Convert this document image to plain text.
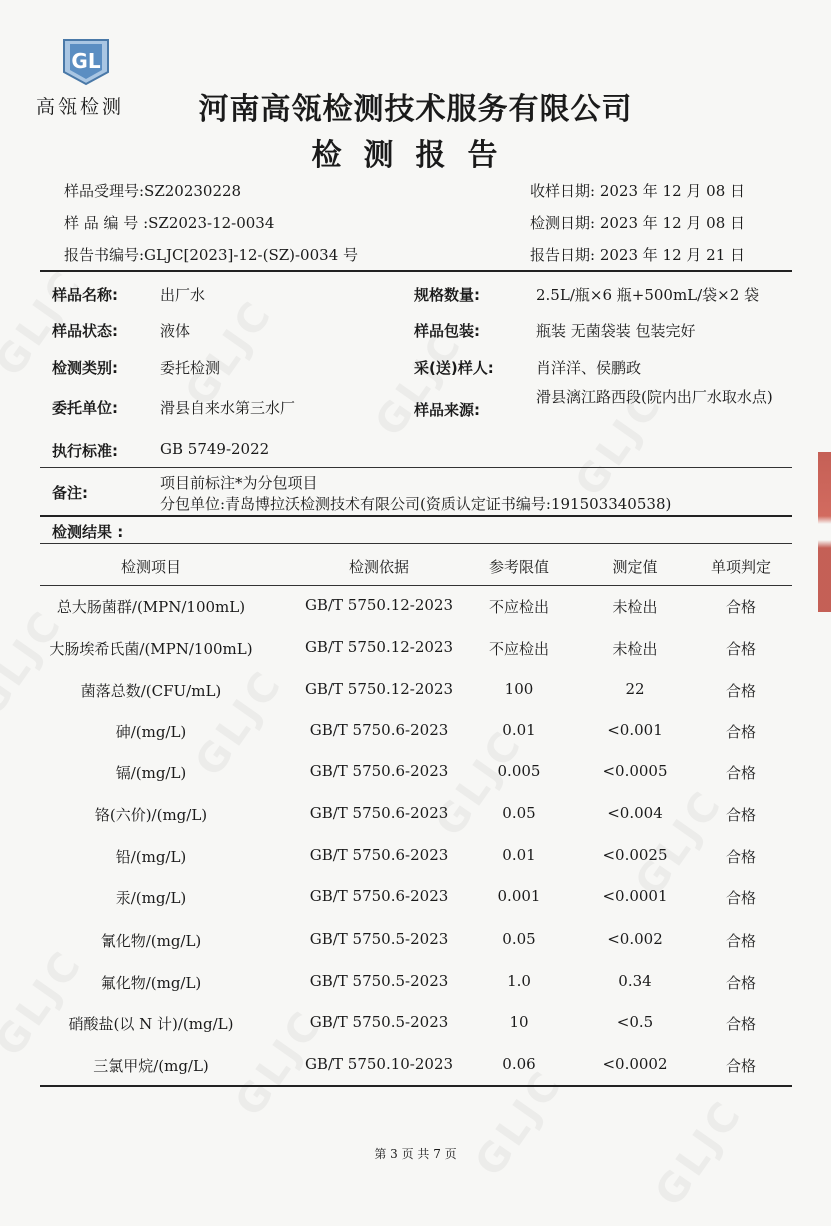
GL
高瓴检测	河南高瓴检测技术服务有限公司
检测报告
样品受理号:SZ20230228
样 品 编 号 :SZ2023-12-0034
报告书编号:GLJC[2023]-12-(SZ)-0034 号
收样日期: 2023 年 12 月 08 日
检测日期: 2023 年 12 月 08 日
报告日期: 2023 年 12 月 21 日
样品名称:	出厂水	规格数量:	2.5L/瓶×6 瓶+500mL/袋×2 袋
样品状态:	液体	样品包装:	瓶装 无菌袋装 包装完好
检测类别:	委托检测	采(送)样人:	肖洋洋、侯鹏政
委托单位:	滑县自来水第三水厂	样品来源:
滑县漓江路西段(院内出厂水取水点)
执行标准:	GB 5749-2022
备注:
项目前标注*为分包项目
分包单位:青岛博拉沃检测技术有限公司(资质认定证书编号:191503340538)
检测结果 :
检测项目	检测依据	参考限值	测定值	单项判定
总大肠菌群/(MPN/100mL)	GB/T 5750.12-2023	不应检出	未检出	合格
大肠埃希氏菌/(MPN/100mL)	GB/T 5750.12-2023	不应检出	未检出	合格
菌落总数/(CFU/mL)	GB/T 5750.12-2023	100	22	合格
砷/(mg/L)	GB/T 5750.6-2023	0.01	<0.001	合格
镉/(mg/L)	GB/T 5750.6-2023	0.005	<0.0005	合格
铬(六价)/(mg/L)	GB/T 5750.6-2023	0.05	<0.004	合格
铅/(mg/L)	GB/T 5750.6-2023	0.01	<0.0025	合格
汞/(mg/L)	GB/T 5750.6-2023	0.001	<0.0001	合格
氰化物/(mg/L)	GB/T 5750.5-2023	0.05	<0.002	合格
氟化物/(mg/L)	GB/T 5750.5-2023	1.0	0.34	合格
硝酸盐(以 N 计)/(mg/L)	GB/T 5750.5-2023	10	<0.5	合格
三氯甲烷/(mg/L)	GB/T 5750.10-2023	0.06	<0.0002	合格
第 3 页 共 7 页
